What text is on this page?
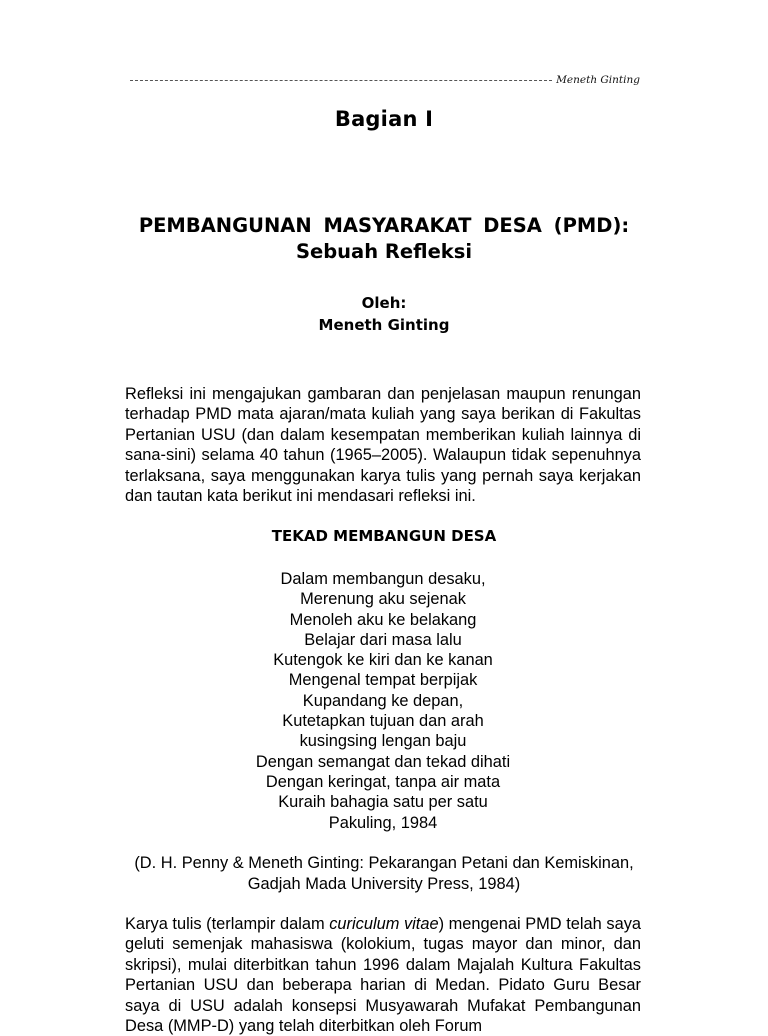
Meneth Ginting
Bagian I
PEMBANGUNAN MASYARAKAT DESA (PMD):
Sebuah Refleksi
Oleh:
Meneth Ginting

Refleksi ini mengajukan gambaran dan penjelasan maupun renungan terhadap PMD mata ajaran/mata kuliah yang saya berikan di Fakultas Pertanian USU (dan dalam kesempatan memberikan kuliah lainnya di sana-sini) selama 40 tahun (1965–2005). Walaupun tidak sepenuhnya terlaksana, saya menggunakan karya tulis yang pernah saya kerjakan dan tautan kata berikut ini mendasari refleksi ini.

TEKAD MEMBANGUN DESA
Dalam membangun desaku,
Merenung aku sejenak
Menoleh aku ke belakang
Belajar dari masa lalu
Kutengok ke kiri dan ke kanan
Mengenal tempat berpijak
Kupandang ke depan,
Kutetapkan tujuan dan arah
kusingsing lengan baju
Dengan semangat dan tekad dihati
Dengan keringat, tanpa air mata
Kuraih bahagia satu per satu
Pakuling, 1984
(D. H. Penny & Meneth Ginting: Pekarangan Petani dan Kemiskinan,
Gadjah Mada University Press, 1984)

Karya tulis (terlampir dalam curiculum vitae) mengenai PMD telah saya geluti semenjak mahasiswa (kolokium, tugas mayor dan minor, dan skripsi), mulai diterbitkan tahun 1996 dalam Majalah Kultura Fakultas Pertanian USU dan beberapa harian di Medan. Pidato Guru Besar saya di USU adalah konsepsi Musyawarah Mufakat Pembangunan Desa (MMP-D) yang telah diterbitkan oleh Forum
